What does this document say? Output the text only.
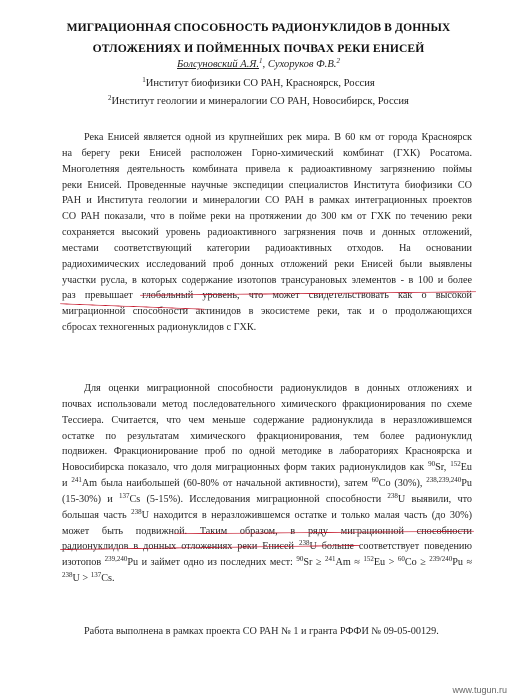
МИГРАЦИОННАЯ СПОСОБНОСТЬ РАДИОНУКЛИДОВ В ДОННЫХ
ОТЛОЖЕНИЯХ И ПОЙМЕННЫХ ПОЧВАХ РЕКИ ЕНИСЕЙ
Болсуновский А.Я.$^1$, Сухоруков Ф.В.$^2$
$^1$Институт биофизики СО РАН, Красноярск, Россия
$^2$Институт геологии и минералогии СО РАН, Новосибирск, Россия
Река Енисей является одной из крупнейших рек мира. В 60 км от города Красноярск
на берегу реки Енисей расположен Горно-химический комбинат (ГХК) Росатома.
Многолетняя деятельность комбината привела к радиоактивному загрязнению поймы
реки Енисей. Проведенные научные экспедиции специалистов Института биофизики СО
РАН и Института геологии и минералогии СО РАН в рамках интеграционных проектов
СО РАН показали, что в пойме реки на протяжении до 300 км от ГХК по течению реки
сохраняется высокий уровень радиоактивного загрязнения почв и донных отложений,
местами соответствующий категории радиоактивных отходов. На основании
радиохимических исследований проб донных отложений реки Енисей были выявлены
участки русла, в которых содержание изотопов трансурановых элементов - в 100 и более
раз превышает глобальный уровень, что может свидетельствовать как о высокой
миграционной способности актинидов в экосистеме реки, так и о продолжающихся
сбросах техногенных радионуклидов с ГХК.
Для оценки миграционной способности радионуклидов в донных отложениях и
почвах использовали метод последовательного химического фракционирования по схеме
Тессиера. Считается, что чем меньше содержание радионуклида в неразложившемся
остатке по результатам химического фракционирования, тем более радионуклид
подвижен. Фракционирование проб по одной методике в лабораториях Красноярска и
Новосибирска показало, что доля миграционных форм таких радионуклидов как $^{90}$Sr, $^{152}$Eu
и $^{241}$Am была наибольшей (60-80% от начальной активности), затем $^{60}$Co (30%), $^{238,239,240}$Pu
(15-30%) и $^{137}$Cs (5-15%). Исследования миграционной способности $^{238}$U выявили, что
большая часть $^{238}$U находится в неразложившемся остатке и только малая часть (до 30%)
может быть подвижной. Таким образом, в ряду миграционной способности
радионуклидов в донных отложениях реки Енисей $^{238}$U больше соответствует поведению
изотопов $^{239,240}$Pu и займет одно из последних мест: $^{90}$Sr ≥ $^{241}$Am ≈ $^{152}$Eu > $^{60}$Co ≥ $^{239/240}$Pu ≈
$^{238}$U > $^{137}$Cs.
Работа выполнена в рамках проекта СО РАН № 1 и гранта РФФИ № 09-05-00129.
www.tugun.ru
